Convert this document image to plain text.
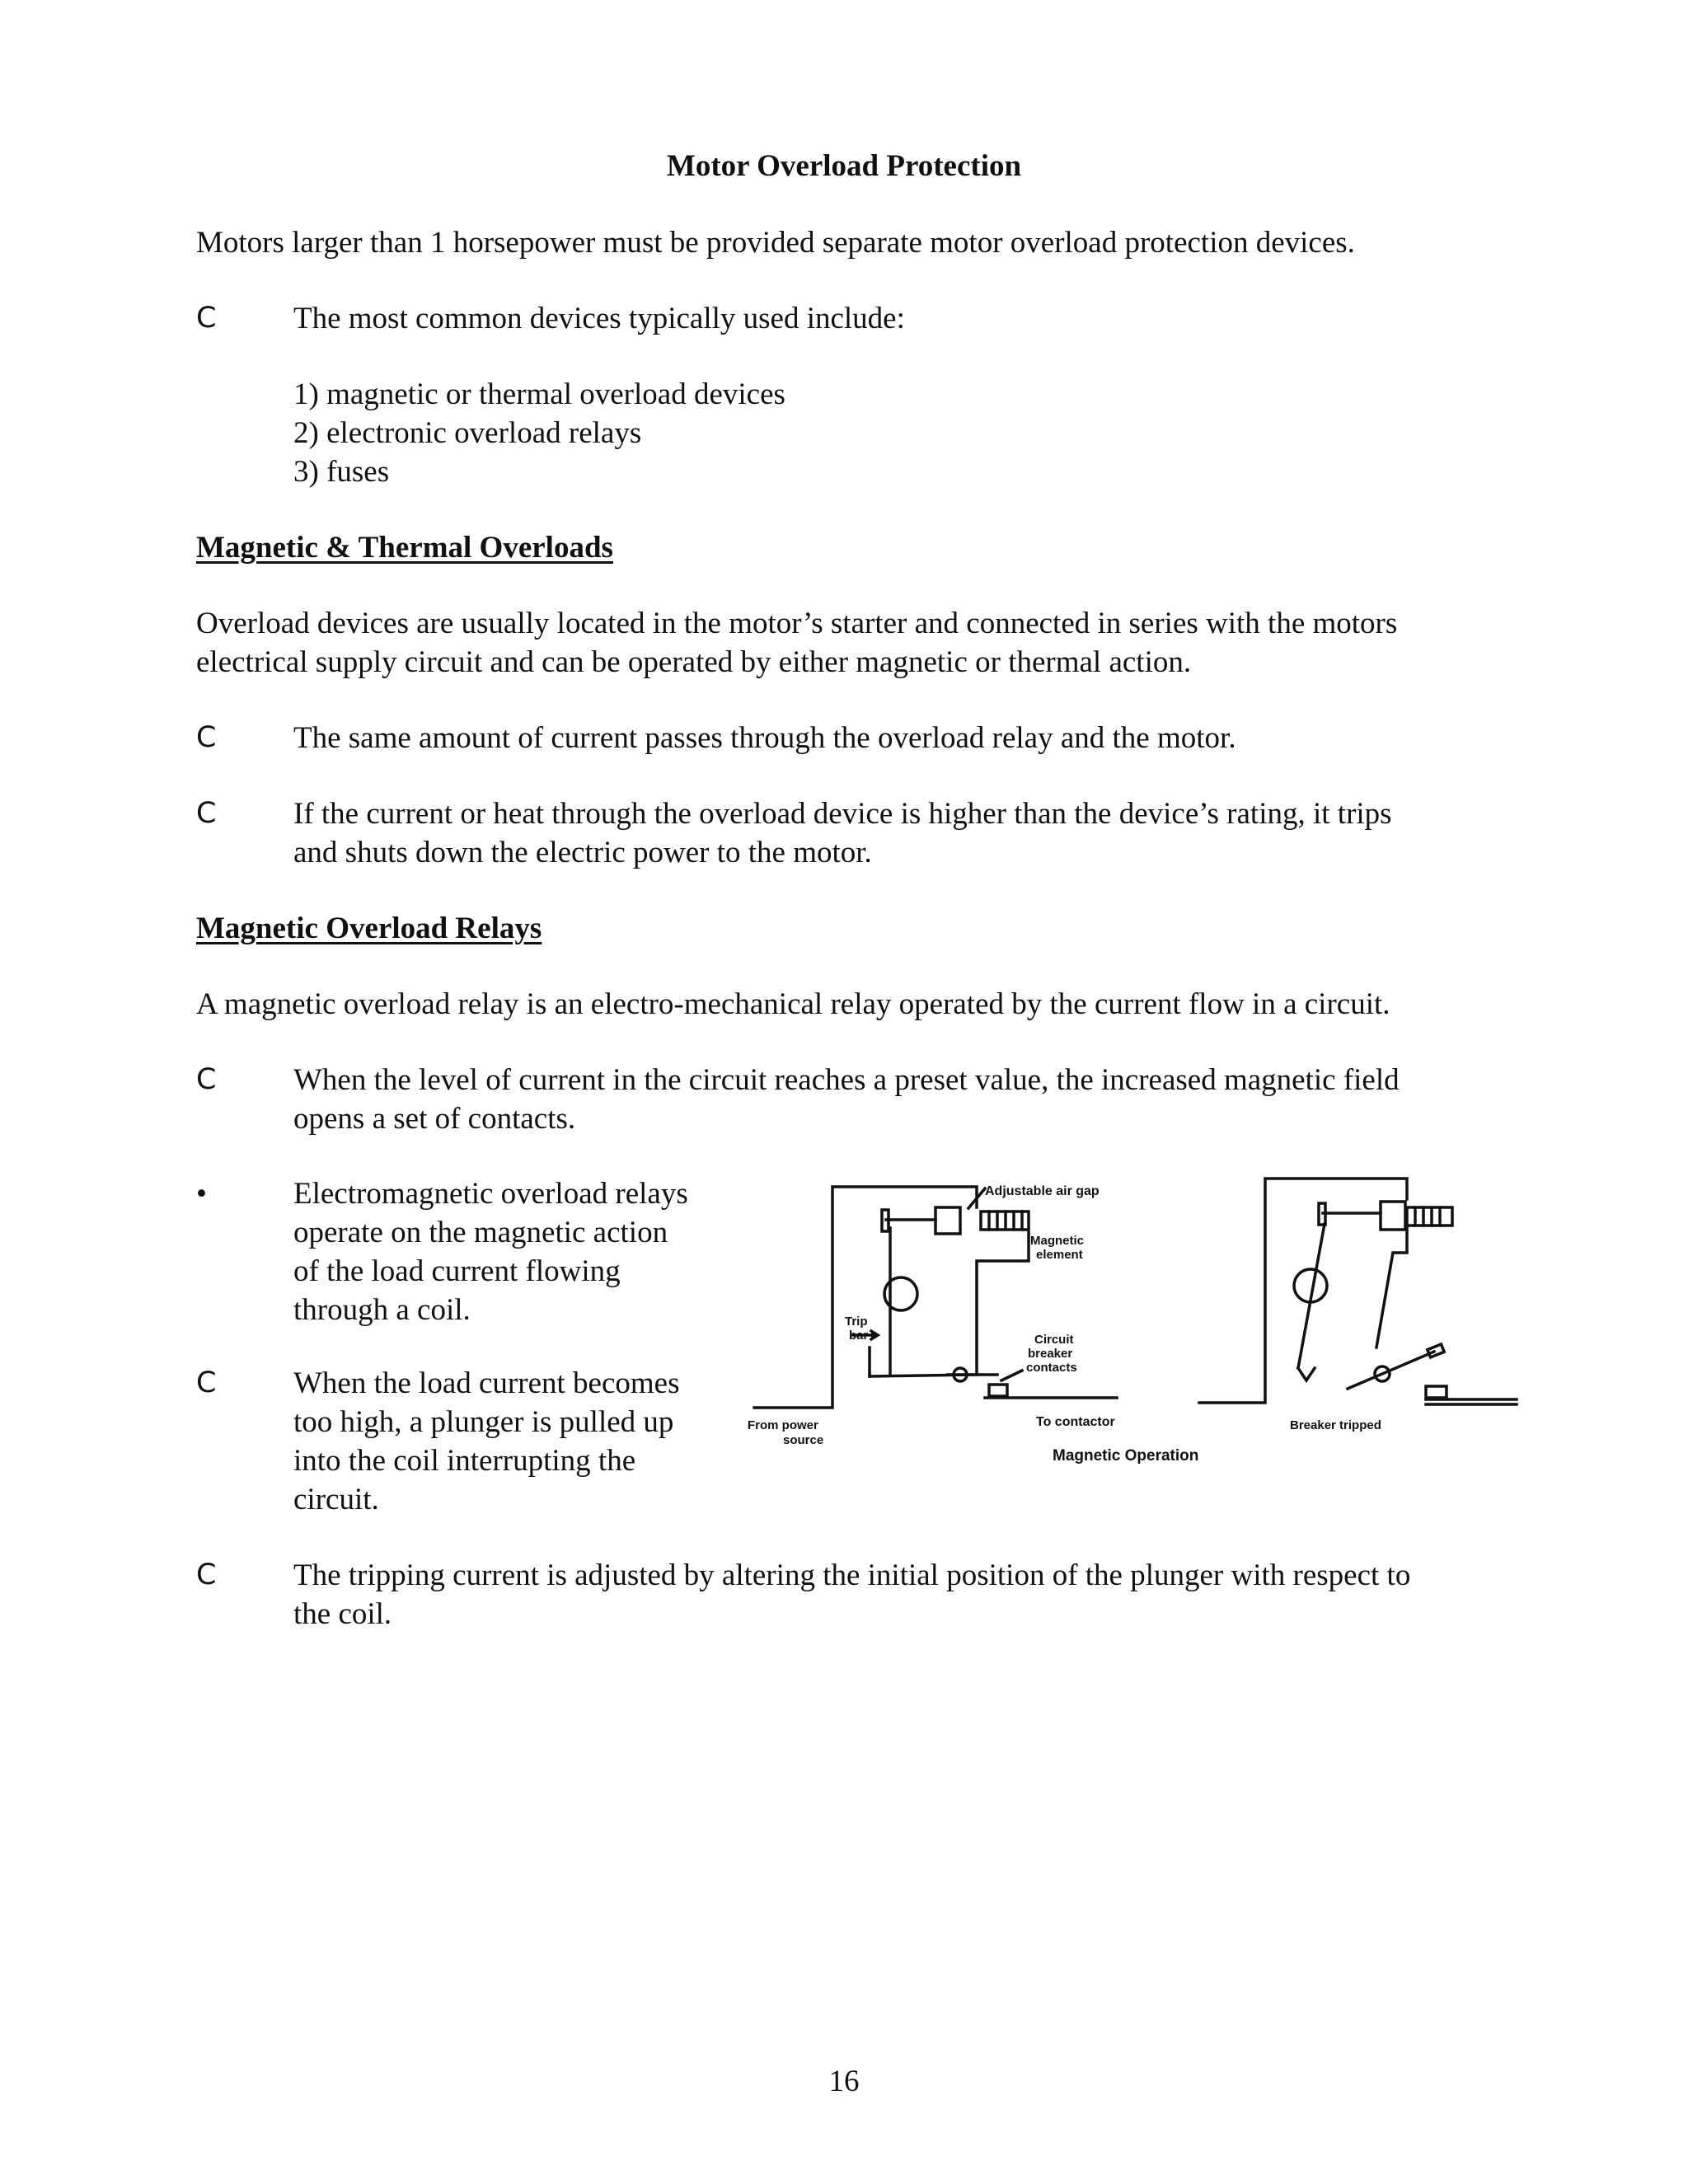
Motor Overload Protection
Motors larger than 1 horsepower must be provided separate motor overload protection devices.
C	The most common devices typically used include:
1) magnetic or thermal overload devices
2) electronic overload relays
3) fuses
Magnetic & Thermal Overloads
Overload devices are usually located in the motor’s starter and connected in series with the motors
electrical supply circuit and can be operated by either magnetic or thermal action.
C	The same amount of current passes through the overload relay and the motor.
C	If the current or heat through the overload device is higher than the device’s rating, it trips
and shuts down the electric power to the motor.
Magnetic Overload Relays
A magnetic overload relay is an electro-mechanical relay operated by the current flow in a circuit.
C	When the level of current in the circuit reaches a preset value, the increased magnetic field
opens a set of contacts.
•	Electromagnetic overload relays
operate on the magnetic action
of the load current flowing
through a coil.
C	When the load current becomes
too high, a plunger is pulled up
into the coil interrupting the
circuit.
C	The tripping current is adjusted by altering the initial position of the plunger with respect to
the coil.
Adjustable air gap
Magnetic
element
Trip
bar	Circuit
breaker
contacts
From power
source
To contactor	Breaker tripped
Magnetic Operation
16
